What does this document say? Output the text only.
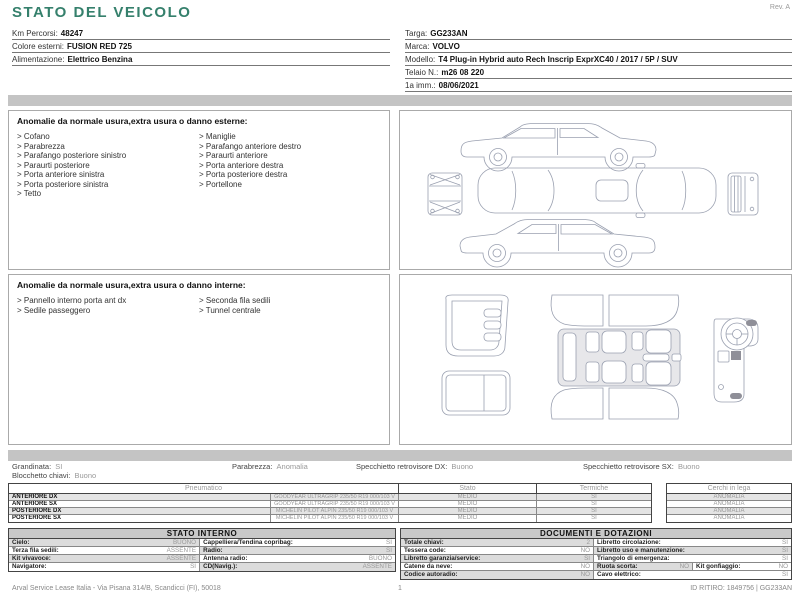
STATO DEL VEICOLO	Rev. A
Km Percorsi: 48247
Colore esterni: FUSION RED 725
Alimentazione: Elettrico Benzina
Targa: GG233AN
Marca: VOLVO
Modello: T4 Plug-in Hybrid auto Rech Inscrip ExprXC40 / 2017 / 5P / SUV
Telaio N.: m26 08 220
1a imm.: 08/06/2021
Anomalie da normale usura,extra usura o danno esterne:
> Cofano
> Parabrezza
> Parafango posteriore sinistro
> Paraurti posteriore
> Porta anteriore sinistra
> Porta posteriore sinistra
> Tetto
> Maniglie
> Parafango anteriore destro
> Paraurti anteriore
> Porta anteriore destra
> Porta posteriore destra
> Portellone
Anomalie da normale usura,extra usura o danno interne:
> Pannello interno porta ant dx
> Sedile passeggero
> Seconda fila sedili
> Tunnel centrale
Grandinata: SI	Parabrezza: Anomalia	Specchietto retrovisore DX: Buono	Specchietto retrovisore SX: Buono
Blocchetto chiavi: Buono
Pneumatico	Stato	Termiche
ANTERIORE DX	GOODYEAR ULTRAGRIP 235/50 R19 000/103 V	MEDIO	SI
ANTERIORE SX	GOODYEAR ULTRAGRIP 235/50 R19 000/103 V	MEDIO	SI
POSTERIORE DX	MICHELIN PILOT ALPIN 235/50 R19 000/103 V	MEDIO	SI
POSTERIORE SX	MICHELIN PILOT ALPIN 235/50 R19 000/103 V	MEDIO	SI
Cerchi in lega
ANOMALIA
ANOMALIA
ANOMALIA
ANOMALIA
STATO INTERNO
Cielo:	BUONO Cappelliera/Tendina copribag:	SI
Terza fila sedili:	ASSENTE Radio:	SI
Kit vivavoce:	ASSENTE Antenna radio:	BUONO
Navigatore:	SI CD(Navig.):	ASSENTE
DOCUMENTI E DOTAZIONI
Totale chiavi:	2 Libretto circolazione:	SI
Tessera code:	NO Libretto uso e manutenzione:	SI
Libretto garanzia/service:	SI Triangolo di emergenza:	SI
Catene da neve:	NO Ruota scorta:	NO Kit gonfiaggio:	NO
Codice autoradio:	NO Cavo elettrico:	SI
Arval Service Lease Italia - Via Pisana 314/B, Scandicci (FI), 50018	1	ID RITIRO: 1849756 | GG233AN
